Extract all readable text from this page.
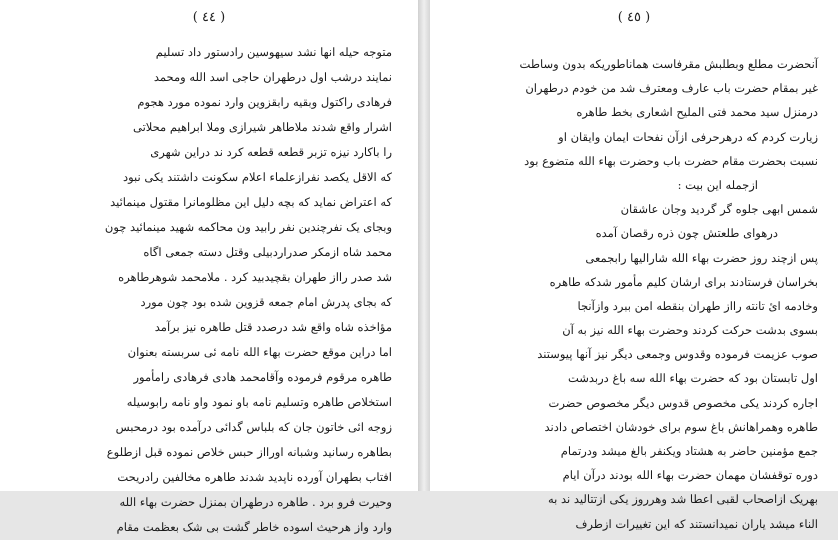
( ٤٤ )
متوجه حیله انها نشد سیهوسین رادستور داد تسلیم
نمایند درشب اول درطهران حاجی اسد الله ومحمد
فرهادی راکتول وبقیه رابقزوین وارد نموده مورد هجوم
اشرار واقع شدند ملاطاهر شیرازی وملا ابراهیم محلاتی
را باکارد نیزه تزبر قطعه قطعه کرد ند دراین شهری
که الاقل یکصد نفرازعلماء اعلام سکونت داشتند یکی نبود
که اعتراض نماید که بچه دلیل این مظلومانرا مقتول مینمائید
وبجای یک نفرچندین نفر رابید ون محاکمه شهید مینمائید چون
محمد شاه ازمکر صدراردبیلی وقتل دسته جمعی اگاه
شد صدر رااز طهران بقچیدبید کرد . ملامحمد شوهرطاهره
که بجای پدرش امام جمعه قزوین شده بود چون مورد
مؤاخذه شاه واقع شد درصدد قتل طاهره نیز برآمد
اما دراین موقع حضرت بهاء الله نامه ئی سربسته بعنوان
طاهره مرقوم فرموده وآقامحمد هادی فرهادی رامأمور
استخلاص طاهره وتسلیم نامه باو نمود واو نامه رابوسیله
زوجه ائی خاتون جان که بلباس گدائی درآمده بود درمحبس
بطاهره رسانید وشبانه اورااز حبس خلاص نموده قبل ازطلوع
افتاب بطهران آورده ناپدید شدند طاهره مخالفین رادریحت
وحیرت فرو برد . طاهره درطهران بمنزل حضرت بهاء الله
وارد واز هرحیث اسوده خاطر گشت بی شک بعظمت مقام
( ٤٥ )
آنحضرت مطلع وبطلبش مقرفاست هماناطوریکه بدون وساطت
غیر بمقام حضرت باب عارف ومعترف شد من خودم درطهران
درمنزل سید محمد فتی الملیح اشعاری بخط طاهره
زیارت کردم که درهرحرفی ازآن نفحات ایمان وایقان او
نسبت بحضرت مقام حضرت باب وحضرت بهاء الله متضوع بود
ازجمله این بیت :
شمس ابهی جلوه گر گردید وجان عاشقان
درهوای طلعتش چون ذره رقصان آمده
پس ازچند روز حضرت بهاء الله شارالیها رابجمعی
بخراسان فرستادند برای ارشان کلیم مأمور شدکه طاهره
وخادمه ائ تانته رااز طهران بنقطه امن ببرد وازآنجا
بسوی بدشت حرکت کردند وحضرت بهاء الله نیز به آن
صوب عزیمت فرموده وقدوس وجمعی دیگر نیز آنها پیوستند
اول تابستان بود که حضرت بهاء الله سه باغ دربدشت
اجاره کردند یکی مخصوص قدوس دیگر مخصوص حضرت
طاهره وهمراهانش باغ سوم برای خودشان اختصاص دادند
جمع مؤمنین حاضر به هشتاد ویکنفر بالغ میشد ودرتمام
دوره توقفشان مهمان حضرت بهاء الله بودند درآن ایام
بهریک ازاصحاب لقبی اعطا شد وهرروز یکی ازتتالید ند به
الناء میشد یاران نمیدانستند که این تغییرات ازطرف
